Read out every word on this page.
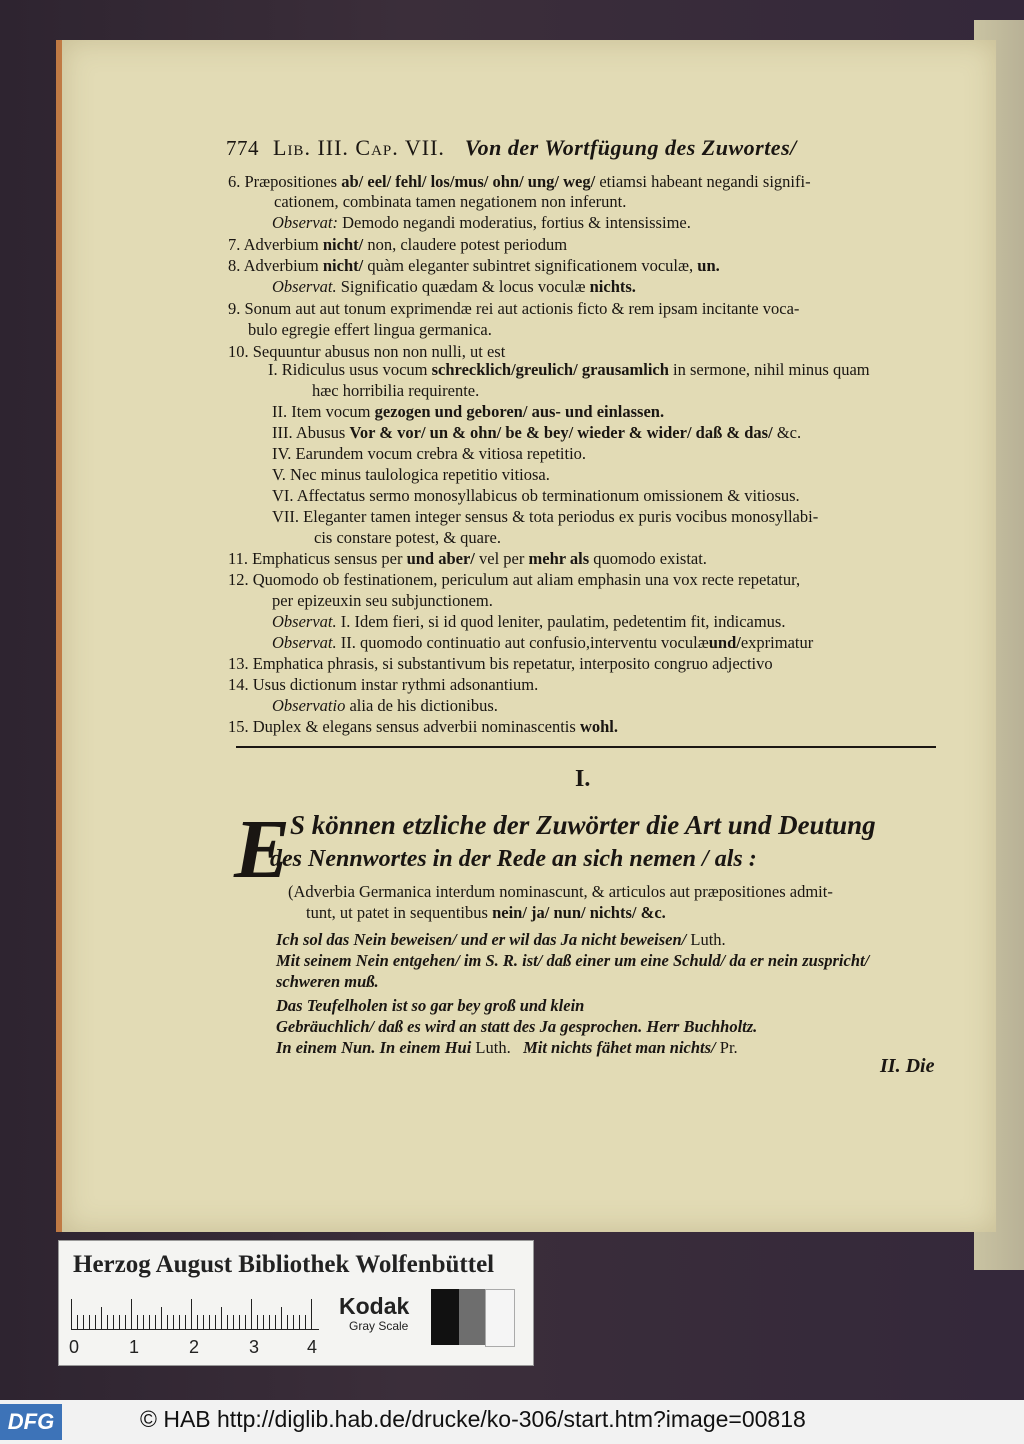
774 Lib. III. Cap. VII. Von der Wortfügung des Zuwortes/
6. Præpositiones ab/ eel/ fehl/ los/mus/ ohn/ ung/ weg/ etiamsi habeant negandi signifi-
cationem, combinata tamen negationem non inferunt.
Observat: Demodo negandi moderatius, fortius & intensissime.
7. Adverbium nicht/ non, claudere potest periodum
8. Adverbium nicht/ quàm eleganter subintret significationem voculæ, un.
Observat. Significatio quædam & locus voculæ nichts.
9. Sonum aut aut tonum exprimendæ rei aut actionis ficto & rem ipsam incitante voca-
bulo egregie effert lingua germanica.
10. Sequuntur abusus non non nulli, ut est
I. Ridiculus usus vocum schrecklich/greulich/ grausamlich in sermone, nihil minus quam
hæc horribilia requirente.
II. Item vocum gezogen und geboren/ aus- und einlassen.
III. Abusus Vor & vor/ un & ohn/ be & bey/ wieder & wider/ daß & das/ &c.
IV. Earundem vocum crebra & vitiosa repetitio.
V. Nec minus taulologica repetitio vitiosa.
VI. Affectatus sermo monosyllabicus ob terminationum omissionem & vitiosus.
VII. Eleganter tamen integer sensus & tota periodus ex puris vocibus monosyllabi-
cis constare potest, & quare.
11. Emphaticus sensus per und aber/ vel per mehr als quomodo existat.
12. Quomodo ob festinationem, periculum aut aliam emphasin una vox recte repetatur,
per epizeuxin seu subjunctionem.
Observat. I. Idem fieri, si id quod leniter, paulatim, pedetentim fit, indicamus.
Observat. II. quomodo continuatio aut confusio,interventu voculæund/exprimatur
13. Emphatica phrasis, si substantivum bis repetatur, interposito congruo adjectivo
14. Usus dictionum instar rythmi adsonantium.
Observatio alia de his dictionibus.
15. Duplex & elegans sensus adverbii nominascentis wohl.
I.
E S können etzliche der Zuwörter die Art und Deutung
des Nennwortes in der Rede an sich nemen / als :
(Adverbia Germanica interdum nominascunt, & articulos aut præpositiones admit-
tunt, ut patet in sequentibus nein/ ja/ nun/ nichts/ &c.
Ich sol das Nein beweisen/ und er wil das Ja nicht beweisen/ Luth.
Mit seinem Nein entgehen/ im S. R. ist/ daß einer um eine Schuld/ da er nein zuspricht/
schweren muß.
Das Teufelholen ist so gar bey groß und klein
Gebräuchlich/ daß es wird an statt des Ja gesprochen. Herr Buchholtz.
In einem Nun. In einem Hui Luth. Mit nichts fähet man nichts/ Pr.
II. Die
Herzog August Bibliothek Wolfenbüttel
0	1	2	3	4
Kodak
Gray Scale
DFG	© HAB http://diglib.hab.de/drucke/ko-306/start.htm?image=00818
